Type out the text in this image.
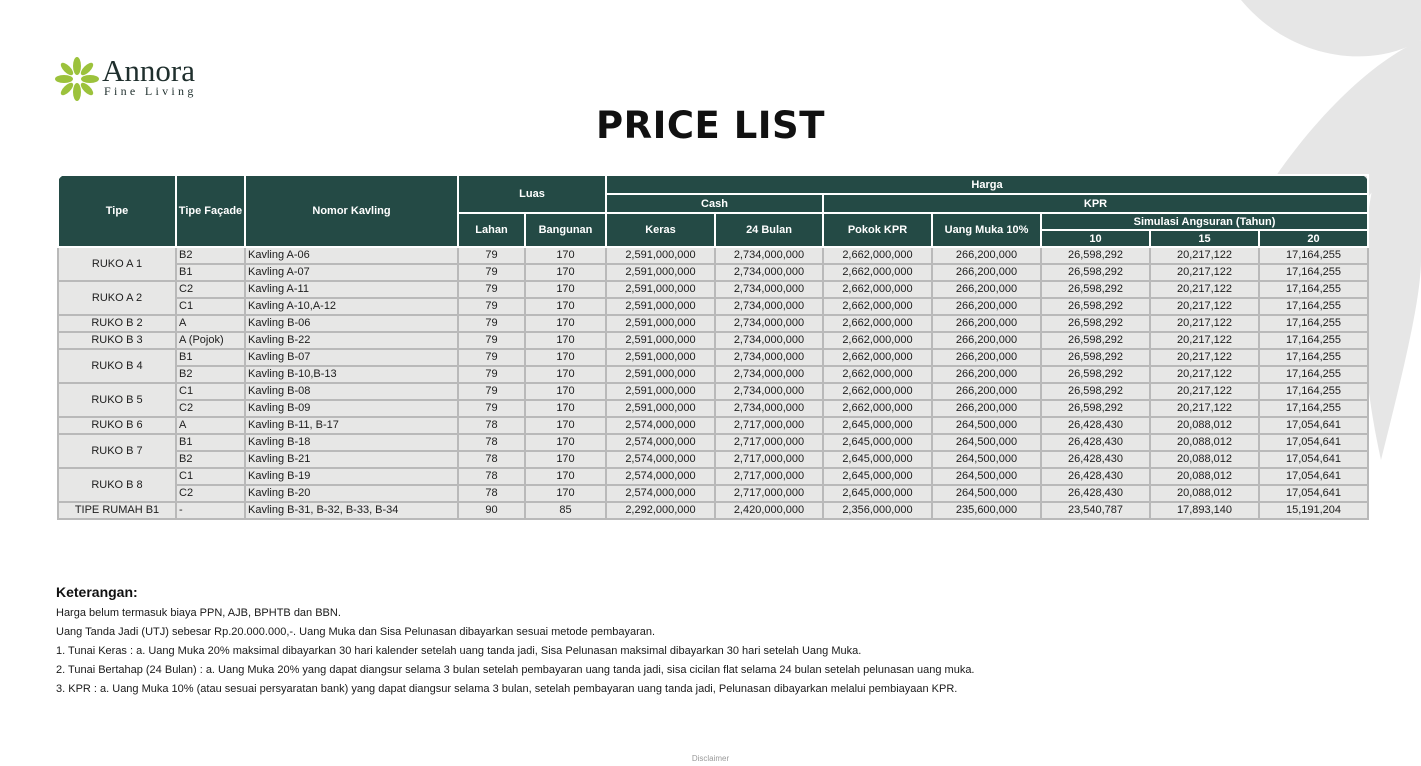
Annora
Fine Living
PRICE LIST
Tipe	Tipe Façade	Nomor Kavling	Luas		Harga						
					Cash		KPR				
			Lahan	Bangunan	Keras	24 Bulan	Pokok KPR	Uang Muka 10%	Simulasi Angsuran (Tahun)		
									10	15	20
RUKO A 1	B2	Kavling A-06	79	170	2,591,000,000	2,734,000,000	2,662,000,000	266,200,000	26,598,292	20,217,122	17,164,255
	B1	Kavling A-07	79	170	2,591,000,000	2,734,000,000	2,662,000,000	266,200,000	26,598,292	20,217,122	17,164,255
RUKO A 2	C2	Kavling A-11	79	170	2,591,000,000	2,734,000,000	2,662,000,000	266,200,000	26,598,292	20,217,122	17,164,255
	C1	Kavling A-10,A-12	79	170	2,591,000,000	2,734,000,000	2,662,000,000	266,200,000	26,598,292	20,217,122	17,164,255
RUKO B 2	A	Kavling B-06	79	170	2,591,000,000	2,734,000,000	2,662,000,000	266,200,000	26,598,292	20,217,122	17,164,255
RUKO B 3	A (Pojok)	Kavling B-22	79	170	2,591,000,000	2,734,000,000	2,662,000,000	266,200,000	26,598,292	20,217,122	17,164,255
RUKO B 4	B1	Kavling B-07	79	170	2,591,000,000	2,734,000,000	2,662,000,000	266,200,000	26,598,292	20,217,122	17,164,255
	B2	Kavling B-10,B-13	79	170	2,591,000,000	2,734,000,000	2,662,000,000	266,200,000	26,598,292	20,217,122	17,164,255
RUKO B 5	C1	Kavling B-08	79	170	2,591,000,000	2,734,000,000	2,662,000,000	266,200,000	26,598,292	20,217,122	17,164,255
	C2	Kavling B-09	79	170	2,591,000,000	2,734,000,000	2,662,000,000	266,200,000	26,598,292	20,217,122	17,164,255
RUKO B 6	A	Kavling B-11, B-17	78	170	2,574,000,000	2,717,000,000	2,645,000,000	264,500,000	26,428,430	20,088,012	17,054,641
RUKO B 7	B1	Kavling B-18	78	170	2,574,000,000	2,717,000,000	2,645,000,000	264,500,000	26,428,430	20,088,012	17,054,641
	B2	Kavling B-21	78	170	2,574,000,000	2,717,000,000	2,645,000,000	264,500,000	26,428,430	20,088,012	17,054,641
RUKO B 8	C1	Kavling B-19	78	170	2,574,000,000	2,717,000,000	2,645,000,000	264,500,000	26,428,430	20,088,012	17,054,641
	C2	Kavling B-20	78	170	2,574,000,000	2,717,000,000	2,645,000,000	264,500,000	26,428,430	20,088,012	17,054,641
TIPE RUMAH B1	-	Kavling B-31, B-32, B-33, B-34	90	85	2,292,000,000	2,420,000,000	2,356,000,000	235,600,000	23,540,787	17,893,140	15,191,204
Keterangan:
Harga belum termasuk biaya PPN, AJB, BPHTB dan BBN.
Uang Tanda Jadi (UTJ) sebesar Rp.20.000.000,-. Uang Muka dan Sisa Pelunasan dibayarkan sesuai metode pembayaran.
1. Tunai Keras : a. Uang Muka 20% maksimal dibayarkan 30 hari kalender setelah uang tanda jadi, Sisa Pelunasan maksimal dibayarkan 30 hari setelah Uang Muka.
2. Tunai Bertahap (24 Bulan) : a. Uang Muka 20% yang dapat diangsur selama 3 bulan setelah pembayaran uang tanda jadi, sisa cicilan flat selama 24 bulan setelah pelunasan uang muka.
3. KPR : a. Uang Muka 10% (atau sesuai persyaratan bank) yang dapat diangsur selama 3 bulan, setelah pembayaran uang tanda jadi, Pelunasan dibayarkan melalui pembiayaan KPR.
Disclaimer
